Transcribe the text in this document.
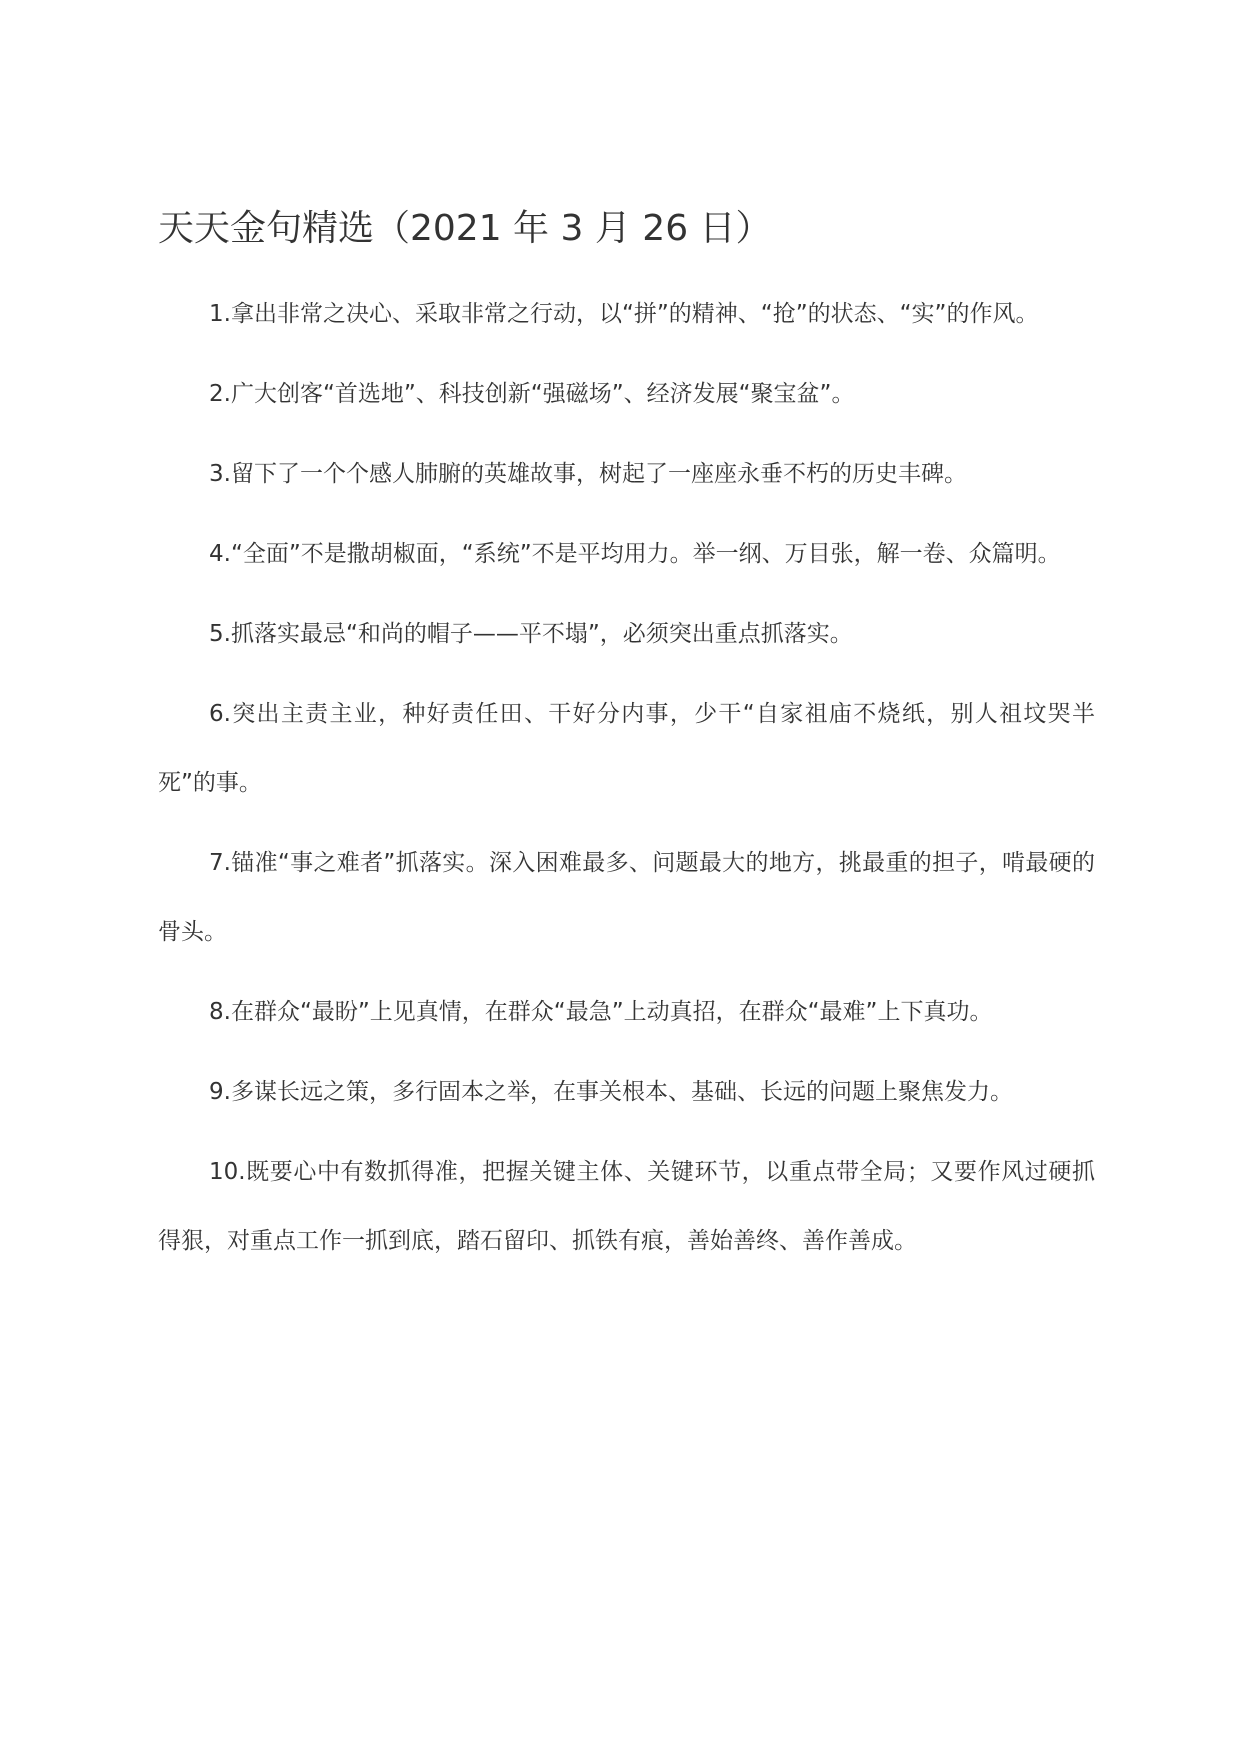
天天金句精选（2021 年 3 月 26 日）

1.拿出非常之决心、采取非常之行动，以“拼”的精神、“抢”的状态、“实”的作风。

2.广大创客“首选地”、科技创新“强磁场”、经济发展“聚宝盆”。

3.留下了一个个感人肺腑的英雄故事，树起了一座座永垂不朽的历史丰碑。

4.“全面”不是撒胡椒面，“系统”不是平均用力。举一纲、万目张，解一卷、众篇明。

5.抓落实最忌“和尚的帽子——平不塌”，必须突出重点抓落实。

6.突出主责主业，种好责任田、干好分内事，少干“自家祖庙不烧纸，别人祖坟哭半死”的事。

7.锚准“事之难者”抓落实。深入困难最多、问题最大的地方，挑最重的担子，啃最硬的骨头。

8.在群众“最盼”上见真情，在群众“最急”上动真招，在群众“最难”上下真功。

9.多谋长远之策，多行固本之举，在事关根本、基础、长远的问题上聚焦发力。

10.既要心中有数抓得准，把握关键主体、关键环节，以重点带全局；又要作风过硬抓得狠，对重点工作一抓到底，踏石留印、抓铁有痕，善始善终、善作善成。
